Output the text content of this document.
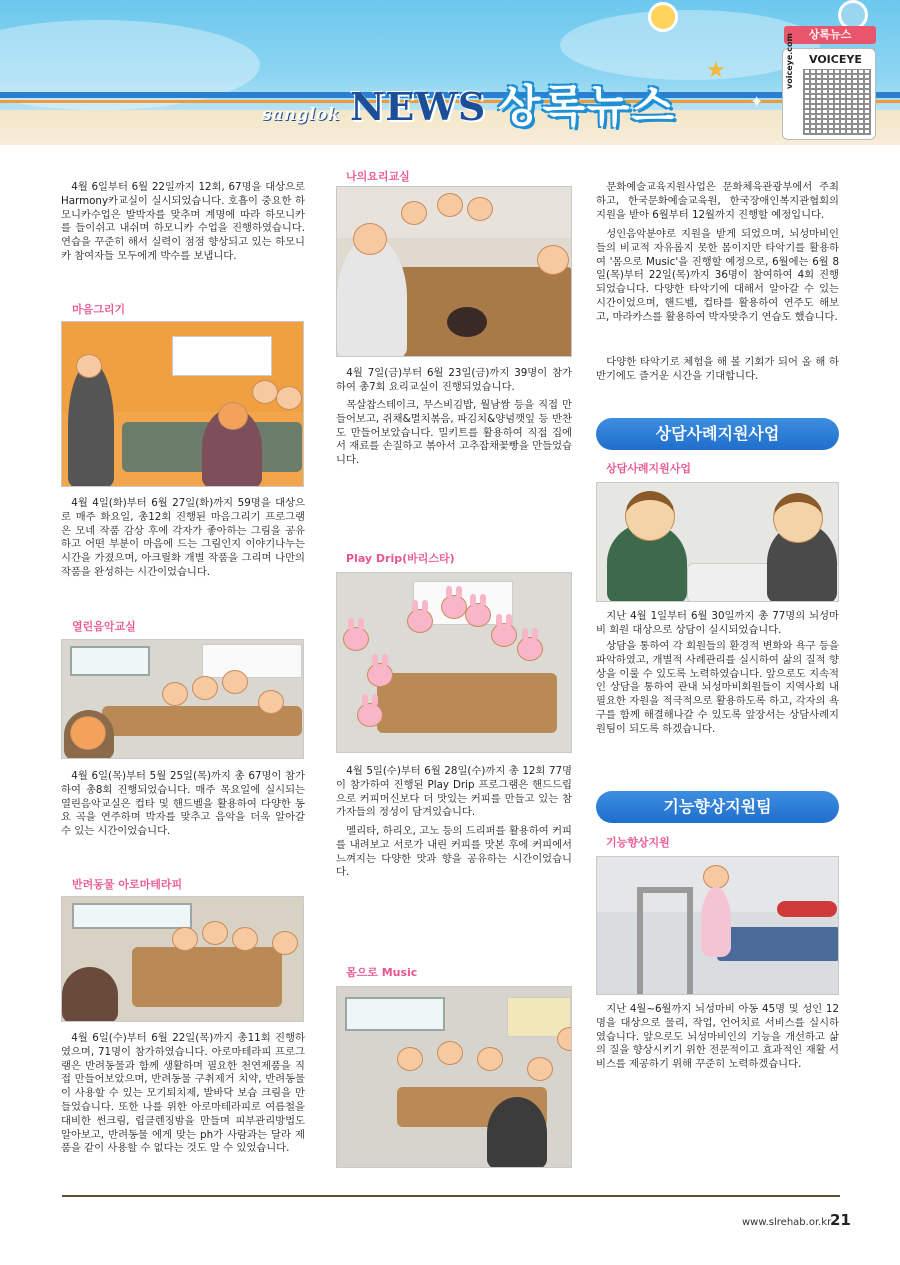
★
✦
sanglok NEWS 상록뉴스
상록뉴스
VOICEYE
voiceye.com
4월 6일부터 6월 22일까지 12회, 67명을 대상으로 Harmony카교실이 실시되었습니다. 호흡이 중요한 하모니카수업은 발박자를 맞추며 계명에 따라 하모니카를 들이쉬고 내쉬며 하모니카 수업을 진행하였습니다. 연습을 꾸준히 해서 실력이 점점 향상되고 있는 하모니카 참여자들 모두에게 박수를 보냅니다.
마음그리기
4월 4일(화)부터 6월 27일(화)까지 59명을 대상으로 매주 화요일, 총12회 진행된 마음그리기 프로그램은 모네 작품 감상 후에 각자가 좋아하는 그림을 공유하고 어떤 부분이 마음에 드는 그림인지 이야기나누는 시간을 가졌으며, 아크릴화 개별 작품을 그리며 나만의 작품을 완성하는 시간이었습니다.
열린음악교실
4월 6일(목)부터 5월 25일(목)까지 총 67명이 참가하여 총8회 진행되었습니다. 매주 목요일에 실시되는 열린음악교실은 컵타 및 핸드벨을 활용하여 다양한 동요 곡을 연주하며 박자를 맞추고 음악을 더욱 알아갈 수 있는 시간이었습니다.
반려동물 아로마테라피
4월 6일(수)부터 6월 22일(목)까지 총11회 진행하였으며, 71명이 참가하였습니다. 아로마테라피 프로그램은 반려동물과 함께 생활하며 필요한 천연제품을 직접 만들어보았으며, 반려동물 구취제거 치약, 반려동물이 사용할 수 있는 모기퇴치제, 발바닥 보습 크림을 만들었습니다. 또한 나를 위한 아로마테라피로 여름철을 대비한 썬크림, 립클렌징밤을 만들며 피부관리방법도 알아보고, 반려동물 에게 맞는 ph가 사람과는 달라 제품을 같이 사용할 수 없다는 것도 알 수 있었습니다.
나의요리교실
4월 7일(금)부터 6월 23일(금)까지 39명이 참가하여 총7회 요리교실이 진행되었습니다.
목살찹스테이크, 무스비김밥, 월남쌈 등을 직접 만들어보고, 쥐채&멸치볶음, 파김치&양념깻잎 등 반찬도 만들어보았습니다. 밀키트를 활용하여 직접 집에서 재료를 손질하고 볶아서 고추잡채꽃빵을 만들었습니다.
Play Drip(바리스타)
4월 5일(수)부터 6월 28일(수)까지 총 12회 77명이 참가하여 진행된 Play Drip 프로그램은 핸드드립으로 커피머신보다 더 맛있는 커피를 만들고 있는 참가자들의 정성이 담겨있습니다.
멜리타, 하리오, 고노 등의 드리퍼를 활용하여 커피를 내려보고 서로가 내린 커피를 맛본 후에 커피에서 느껴지는 다양한 맛과 향을 공유하는 시간이었습니다.
몸으로 Music
문화예술교육지원사업은 문화체육관광부에서 주최하고, 한국문화예술교육원, 한국장애인복지관협회의 지원을 받아 6월부터 12월까지 진행할 예정입니다.
성인음악분야로 지원을 받게 되었으며, 뇌성마비인들의 비교적 자유롭지 못한 몸이지만 타악기를 활용하여 '몸으로 Music'을 진행할 예정으로, 6월에는 6월 8일(목)부터 22일(목)까지 36명이 참여하여 4회 진행되었습니다. 다양한 타악기에 대해서 알아갈 수 있는 시간이었으며, 핸드벨, 컵타를 활용하여 연주도 해보고, 마라카스를 활용하여 박자맞추기 연습도 했습니다.
다양한 타악기로 체험을 해 볼 기회가 되어 올 해 하반기에도 즐거운 시간을 기대합니다.
상담사례지원사업
상담사례지원사업
지난 4월 1일부터 6월 30일까지 총 77명의 뇌성마비 회원 대상으로 상담이 실시되었습니다.
상담을 통하여 각 회원들의 환경적 변화와 욕구 등을 파악하였고, 개별적 사례관리를 실시하여 삶의 질적 향상을 이룰 수 있도록 노력하였습니다. 앞으로도 지속적인 상담을 통하여 관내 뇌성마비회원들이 지역사회 내 필요한 자원을 적극적으로 활용하도록 하고, 각자의 욕구를 함께 해결해나갈 수 있도록 앞장서는 상담사례지원팀이 되도록 하겠습니다.
기능향상지원팀
기능향상지원
지난 4월~6월까지 뇌성마비 아동 45명 및 성인 12명을 대상으로 물리, 작업, 언어치료 서비스를 실시하였습니다. 앞으로도 뇌성마비인의 기능을 개선하고 삶의 질을 향상시키기 위한 전문적이고 효과적인 재활 서비스를 제공하기 위해 꾸준히 노력하겠습니다.
www.slrehab.or.kr
21
